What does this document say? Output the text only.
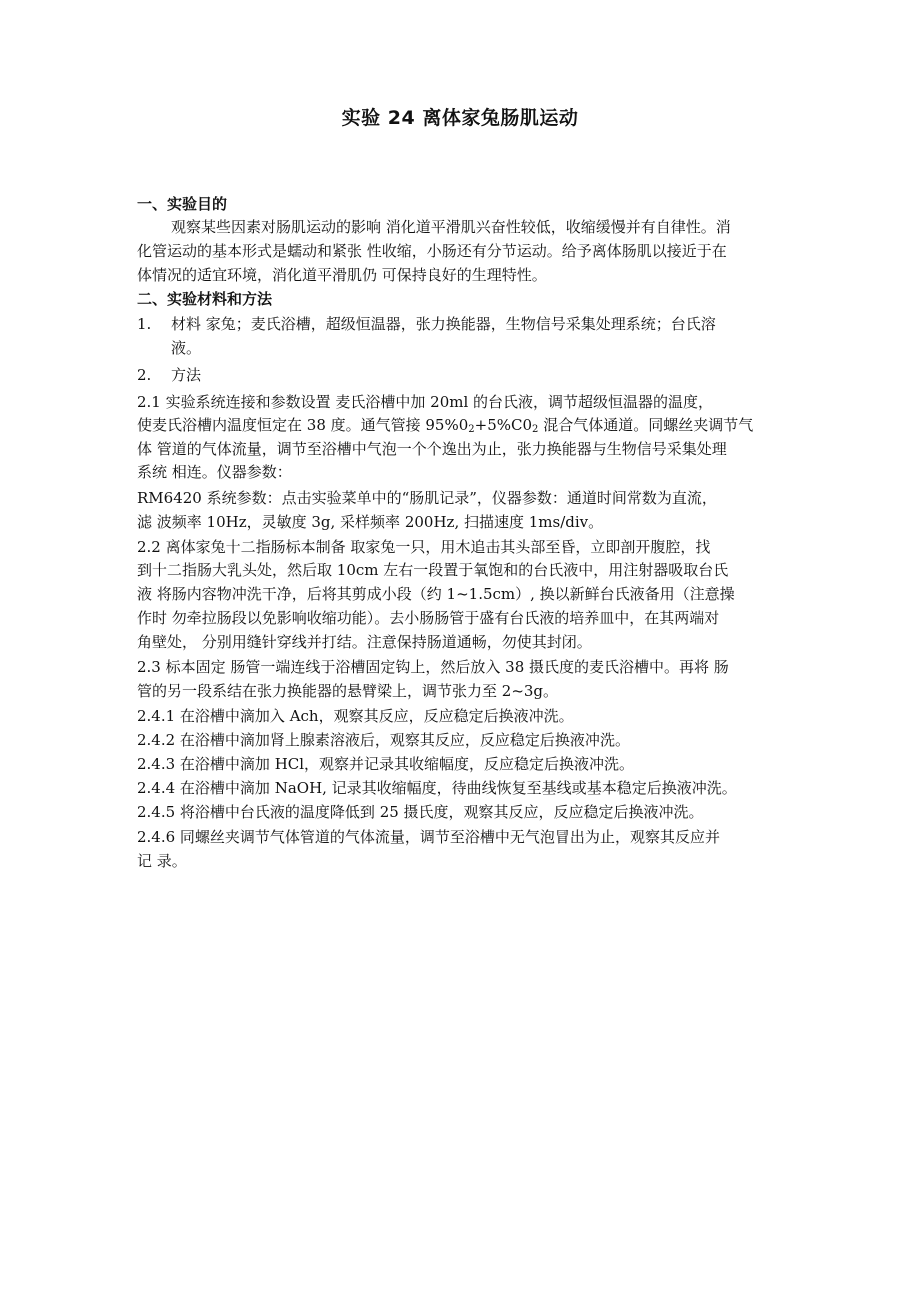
实验 24 离体家兔肠肌运动
一、实验目的
观察某些因素对肠肌运动的影响 消化道平滑肌兴奋性较低，收缩缓慢并有自律性。消
化管运动的基本形式是蠕动和紧张 性收缩，小肠还有分节运动。给予离体肠肌以接近于在
体情况的适宜环境，消化道平滑肌仍 可保持良好的生理特性。
二、实验材料和方法
1. 材料 家兔；麦氏浴槽，超级恒温器，张力换能器，生物信号采集处理系统；台氏溶
液。
2. 方法
2.1 实验系统连接和参数设置 麦氏浴槽中加 20ml 的台氏液，调节超级恒温器的温度，
使麦氏浴槽内温度恒定在 38 度。通气管接 $95\%0_2+5\%C0_2$ 混合气体通道。同螺丝夹调节气
体 管道的气体流量，调节至浴槽中气泡一个个逸出为止，张力换能器与生物信号采集处理
系统 相连。仪器参数：
RM6420 系统参数：点击实验菜单中的“肠肌记录”，仪器参数：通道时间常数为直流，
滤 波频率 10Hz，灵敏度 3g, 采样频率 200Hz, 扫描速度 1ms/div。
2.2 离体家兔十二指肠标本制备 取家兔一只，用木追击其头部至昏，立即剖开腹腔，找
到十二指肠大乳头处，然后取 10cm 左右一段置于氧饱和的台氏液中，用注射器吸取台氏
液 将肠内容物冲洗干净，后将其剪成小段（约 1~1.5cm）, 换以新鲜台氏液备用（注意操
作时 勿牵拉肠段以免影响收缩功能）。去小肠肠管于盛有台氏液的培养皿中，在其两端对
角壁处， 分别用缝针穿线并打结。注意保持肠道通畅，勿使其封闭。
2.3 标本固定 肠管一端连线于浴槽固定钩上，然后放入 38 摄氏度的麦氏浴槽中。再将 肠
管的另一段系结在张力换能器的悬臂梁上，调节张力至 2~3g。
2.4.1 在浴槽中滴加入 Ach，观察其反应，反应稳定后换液冲洗。
2.4.2 在浴槽中滴加肾上腺素溶液后，观察其反应，反应稳定后换液冲洗。
2.4.3 在浴槽中滴加 HCl，观察并记录其收缩幅度，反应稳定后换液冲洗。
2.4.4 在浴槽中滴加 NaOH, 记录其收缩幅度，待曲线恢复至基线或基本稳定后换液冲洗。
2.4.5 将浴槽中台氏液的温度降低到 25 摄氏度，观察其反应，反应稳定后换液冲洗。
2.4.6 同螺丝夹调节气体管道的气体流量，调节至浴槽中无气泡冒出为止，观察其反应并
记 录。
